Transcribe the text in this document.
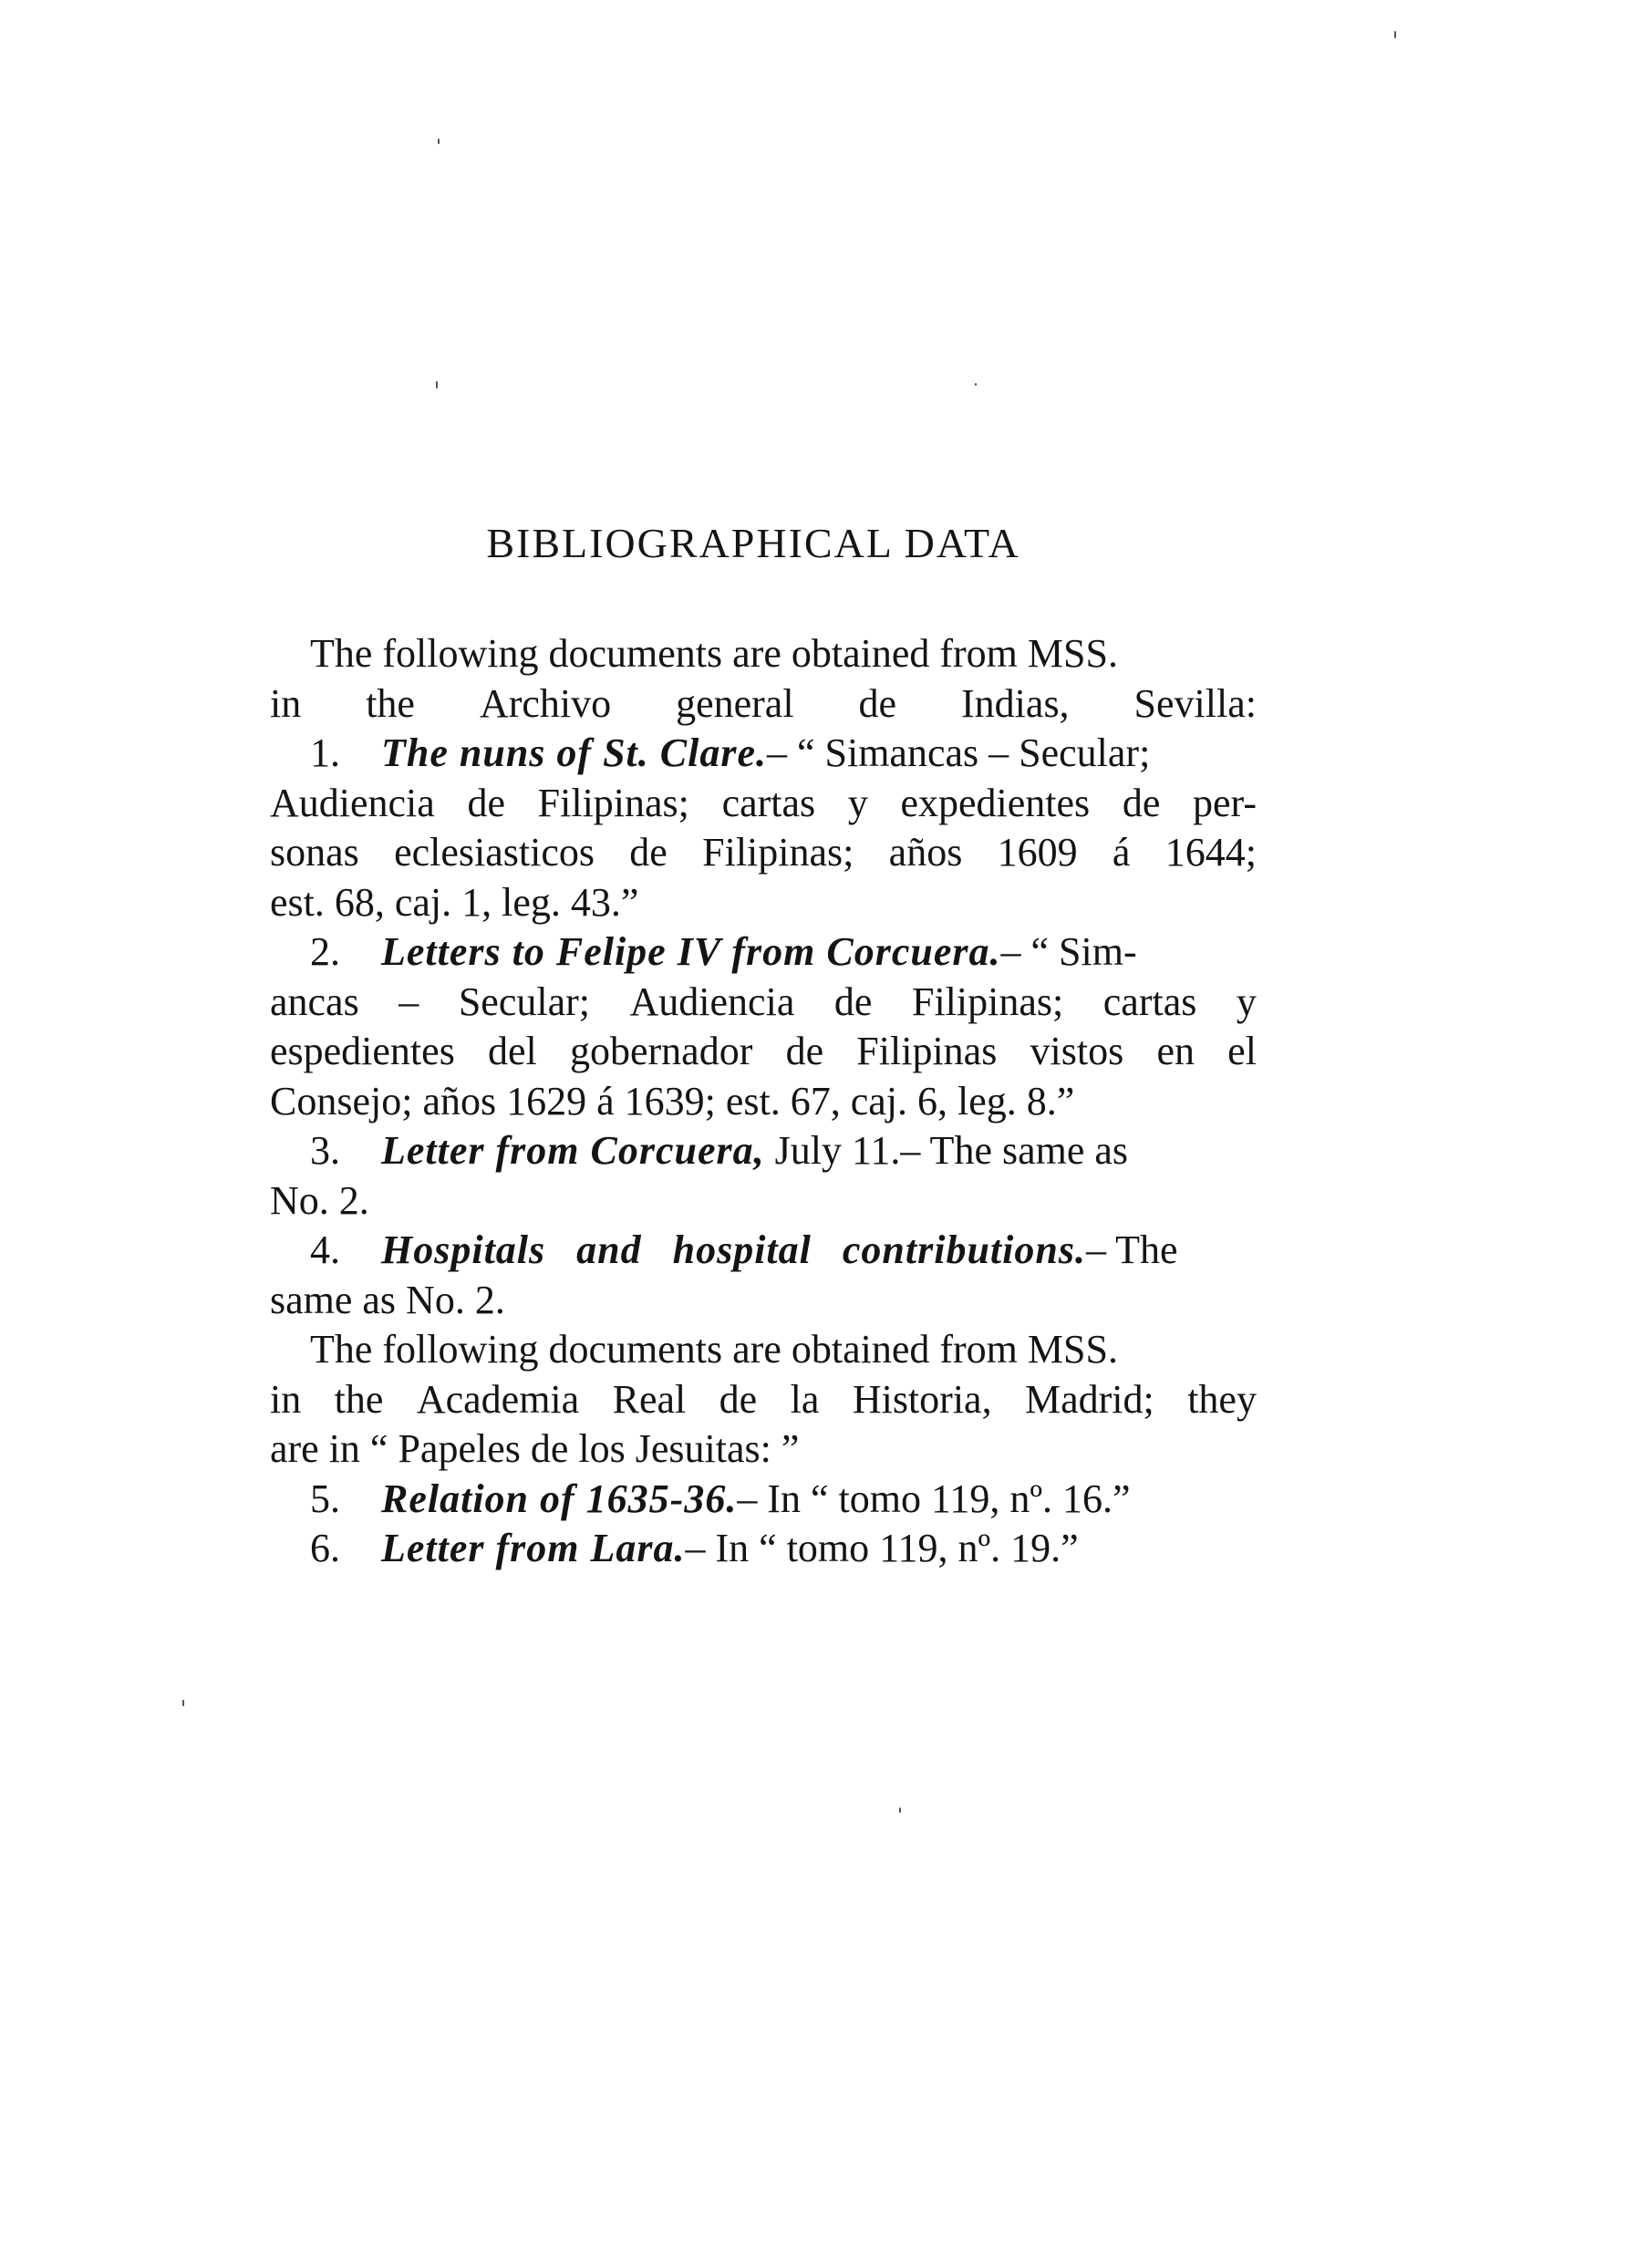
BIBLIOGRAPHICAL DATA
The following documents are obtained from MSS.
in the Archivo general de Indias, Sevilla:
1.	The nuns of St. Clare. – “ Simancas – Secular;
Audiencia de Filipinas; cartas y expedientes de per-
sonas eclesiasticos de Filipinas; años 1609 á 1644;
est. 68, caj. 1, leg. 43.”
2.	Letters to Felipe IV from Corcuera. – “ Sim-
ancas – Secular; Audiencia de Filipinas; cartas y
espedientes del gobernador de Filipinas vistos en el
Consejo; años 1629 á 1639; est. 67, caj. 6, leg. 8.”
3.	Letter from Corcuera, July 11.– The same as
No. 2.
4.	Hospitals and hospital contributions. – The
same as No. 2.
The following documents are obtained from MSS.
in the Academia Real de la Historia, Madrid; they
are in “ Papeles de los Jesuitas: ”
5.	Relation of 1635-36. – In “ tomo 119, nº. 16.”
6.	Letter from Lara. – In “ tomo 119, nº. 19.”
